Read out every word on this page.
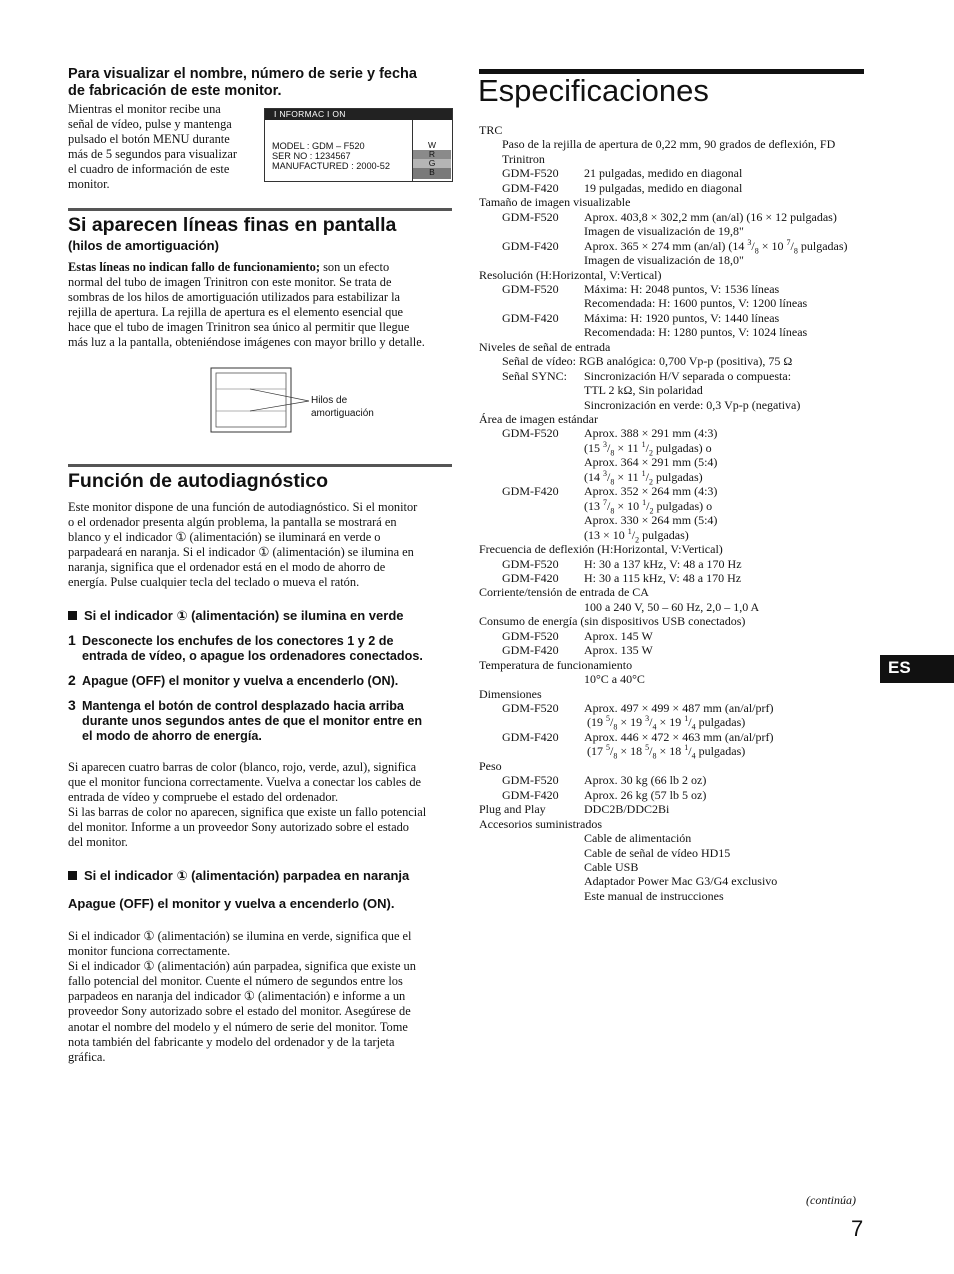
Para visualizar el nombre, número de serie y fecha
de fabricación de este monitor.
Mientras el monitor recibe una
señal de vídeo, pulse y mantenga
pulsado el botón MENU durante
más de 5 segundos para visualizar
el cuadro de información de este
monitor.
I NFORMAC I ON
MODEL : GDM – F520
SER NO : 1234567
MANUFACTURED : 2000-52
W
R
G
B
Si aparecen líneas finas en pantalla
(hilos de amortiguación)
Estas líneas no indican fallo de funcionamiento; son un efecto
normal del tubo de imagen Trinitron con este monitor. Se trata de
sombras de los hilos de amortiguación utilizados para estabilizar la
rejilla de apertura. La rejilla de apertura es el elemento esencial que
hace que el tubo de imagen Trinitron sea único al permitir que llegue
más luz a la pantalla, obteniéndose imágenes con mayor brillo y detalle.
Hilos de
amortiguación
Función de autodiagnóstico
Este monitor dispone de una función de autodiagnóstico. Si el monitor
o el ordenador presenta algún problema, la pantalla se mostrará en
blanco y el indicador ① (alimentación) se iluminará en verde o
parpadeará en naranja. Si el indicador ① (alimentación) se ilumina en
naranja, significa que el ordenador está en el modo de ahorro de
energía. Pulse cualquier tecla del teclado o mueva el ratón.
Si el indicador ① (alimentación) se ilumina en verde
1 Desconecte los enchufes de los conectores 1 y 2 de
entrada de vídeo, o apague los ordenadores conectados.
2 Apague (OFF) el monitor y vuelva a encenderlo (ON).
3 Mantenga el botón de control desplazado hacia arriba
durante unos segundos antes de que el monitor entre en
el modo de ahorro de energía.
Si aparecen cuatro barras de color (blanco, rojo, verde, azul), significa
que el monitor funciona correctamente. Vuelva a conectar los cables de
entrada de vídeo y compruebe el estado del ordenador.
Si las barras de color no aparecen, significa que existe un fallo potencial
del monitor. Informe a un proveedor Sony autorizado sobre el estado
del monitor.
Si el indicador ① (alimentación) parpadea en naranja
Apague (OFF) el monitor y vuelva a encenderlo (ON).
Si el indicador ① (alimentación) se ilumina en verde, significa que el
monitor funciona correctamente.
Si el indicador ① (alimentación) aún parpadea, significa que existe un
fallo potencial del monitor. Cuente el número de segundos entre los
parpadeos en naranja del indicador ① (alimentación) e informe a un
proveedor Sony autorizado sobre el estado del monitor. Asegúrese de
anotar el nombre del modelo y el número de serie del monitor. Tome
nota también del fabricante y modelo del ordenador y de la tarjeta
gráfica.
Especificaciones
TRC
Paso de la rejilla de apertura de 0,22 mm, 90 grados de deflexión, FD
Trinitron
GDM-F520 21 pulgadas, medido en diagonal
GDM-F420 19 pulgadas, medido en diagonal
Tamaño de imagen visualizable
GDM-F520 Aprox. 403,8 × 302,2 mm (an/al) (16 × 12 pulgadas)
Imagen de visualización de 19,8"
GDM-F420 Aprox. 365 × 274 mm (an/al) (14 $^3/_8 \times 10$ $^7/_8$ pulgadas)
Imagen de visualización de 18,0"
Resolución (H:Horizontal, V:Vertical)
GDM-F520 Máxima: H: 2048 puntos, V: 1536 líneas
Recomendada: H: 1600 puntos, V: 1200 líneas
GDM-F420 Máxima: H: 1920 puntos, V: 1440 líneas
Recomendada: H: 1280 puntos, V: 1024 líneas
Niveles de señal de entrada
Señal de vídeo: RGB analógica: 0,700 Vp-p (positiva), 75 Ω
Señal SYNC: Sincronización H/V separada o compuesta:
TTL 2 kΩ, Sin polaridad
Sincronización en verde: 0,3 Vp-p (negativa)
Área de imagen estándar
GDM-F520 Aprox. 388 × 291 mm (4:3)
(15 $^3/_8 \times 11$ $^1/_2$ pulgadas) o
Aprox. 364 × 291 mm (5:4)
(14 $^3/_8 \times 11$ $^1/_2$ pulgadas)
GDM-F420 Aprox. 352 × 264 mm (4:3)
(13 $^7/_8 \times 10$ $^1/_2$ pulgadas) o
Aprox. 330 × 264 mm (5:4)
(13 × 10 $^1/_2$ pulgadas)
Frecuencia de deflexión (H:Horizontal, V:Vertical)
GDM-F520 H: 30 a 137 kHz, V: 48 a 170 Hz
GDM-F420 H: 30 a 115 kHz, V: 48 a 170 Hz
Corriente/tensión de entrada de CA
100 a 240 V, 50 – 60 Hz, 2,0 – 1,0 A
Consumo de energía (sin dispositivos USB conectados)
GDM-F520 Aprox. 145 W
GDM-F420 Aprox. 135 W
Temperatura de funcionamiento
10°C a 40°C
Dimensiones
GDM-F520 Aprox. 497 × 499 × 487 mm (an/al/prf)
(19 $^5/_8 \times 19$ $^3/_4 \times 19$ $^1/_4$ pulgadas)
GDM-F420 Aprox. 446 × 472 × 463 mm (an/al/prf)
(17 $^5/_8 \times 18$ $^5/_8 \times 18$ $^1/_4$ pulgadas)
Peso
GDM-F520 Aprox. 30 kg (66 lb 2 oz)
GDM-F420 Aprox. 26 kg (57 lb 5 oz)
Plug and Play	DDC2B/DDC2Bi
Accesorios suministrados
Cable de alimentación
Cable de señal de vídeo HD15
Cable USB
Adaptador Power Mac G3/G4 exclusivo
Este manual de instrucciones
ES
(continúa)
7
